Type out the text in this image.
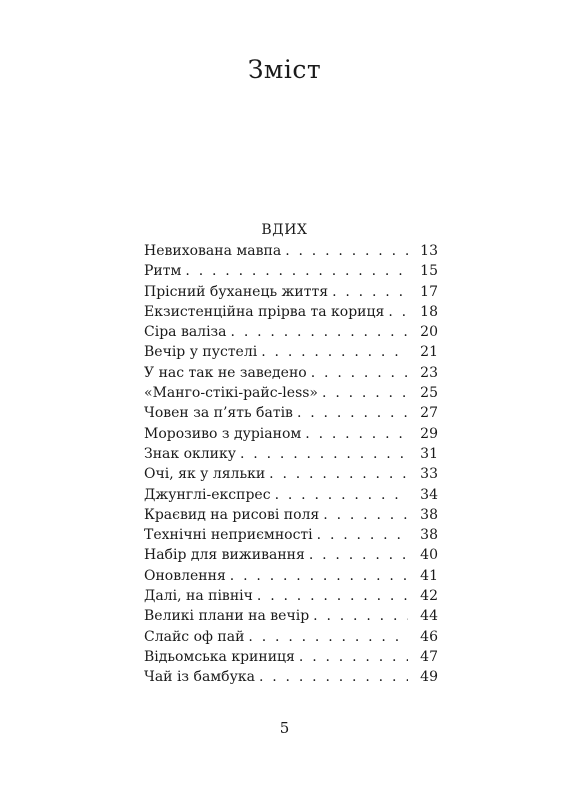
Зміст
ВДИХ
Невихована мавпа . . .	13
Ритм . . .	15
Прісний буханець життя . . .	17
Екзистенційна прірва та кориця . . .	18
Сіра валіза . . .	20
Вечір у пустелі . . .	21
У нас так не заведено . . .	23
«Манго-стікі-райс-less» . . .	25
Човен за п’ять батів . . .	27
Морозиво з дуріаном . . .	29
Знак оклику . . .	31
Очі, як у ляльки . . .	33
Джунглі-експрес . . .	34
Краєвид на рисові поля . . .	38
Технічні неприємності . . .	38
Набір для виживання . . .	40
Оновлення . . .	41
Далі, на північ . . .	42
Великі плани на вечір . . .	44
Слайс оф пай . . .	46
Відьомська криниця . . .	47
Чай із бамбука . . .	49
5
